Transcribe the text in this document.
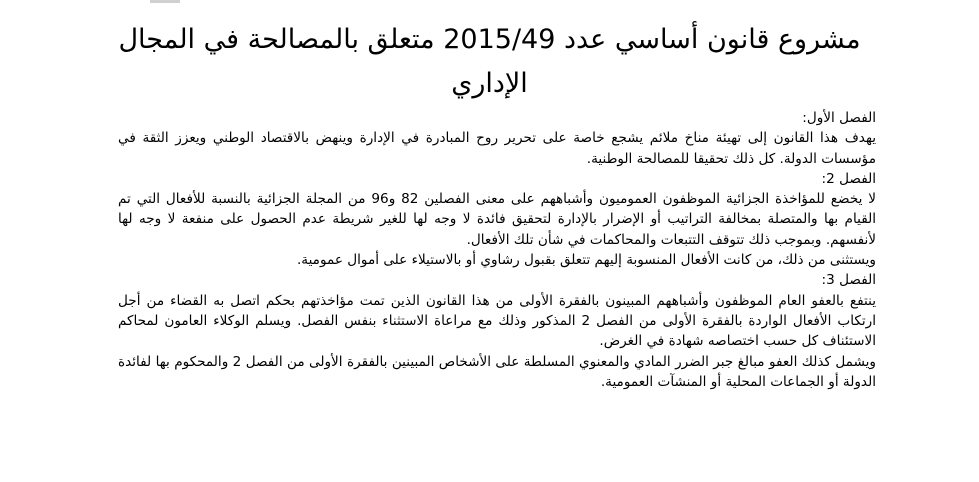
مشروع قانون أساسي عدد 2015/49 متعلق بالمصالحة في المجال الإداري

الفصل الأول:

يهدف هذا القانون إلى تهيئة مناخ ملائم يشجع خاصة على تحرير روح المبادرة في الإدارة وينهض بالاقتصاد الوطني ويعزز الثقة في مؤسسات الدولة. كل ذلك تحقيقا للمصالحة الوطنية.

الفصل 2:

لا يخضع للمؤاخذة الجزائية الموظفون العموميون وأشباههم على معنى الفصلين 82 و96 من المجلة الجزائية بالنسبة للأفعال التي تم القيام بها والمتصلة بمخالفة التراتيب أو الإضرار بالإدارة لتحقيق فائدة لا وجه لها للغير شريطة عدم الحصول على منفعة لا وجه لها لأنفسهم. وبموجب ذلك تتوقف التتبعات والمحاكمات في شأن تلك الأفعال.

ويستثنى من ذلك، من كانت الأفعال المنسوبة إليهم تتعلق بقبول رشاوي أو بالاستيلاء على أموال عمومية.

الفصل 3:

ينتفع بالعفو العام الموظفون وأشباههم المبينون بالفقرة الأولى من هذا القانون الذين تمت مؤاخذتهم بحكم اتصل به القضاء من أجل ارتكاب الأفعال الواردة بالفقرة الأولى من الفصل 2 المذكور وذلك مع مراعاة الاستثناء بنفس الفصل. ويسلم الوكلاء العامون لمحاكم الاستئناف كل حسب اختصاصه شهادة في الغرض.

ويشمل كذلك العفو مبالغ جبر الضرر المادي والمعنوي المسلطة على الأشخاص المبينين بالفقرة الأولى من الفصل 2 والمحكوم بها لفائدة الدولة أو الجماعات المحلية أو المنشآت العمومية.
